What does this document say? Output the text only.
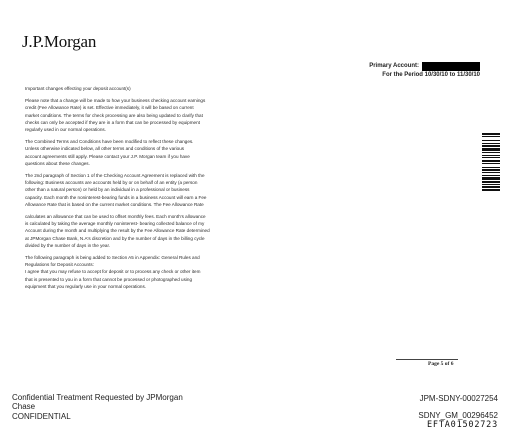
J.P.Morgan
Primary Account:
For the Period 10/30/10 to 11/30/10

Important changes effecting your deposit account(s)

Please note that a change will be made to how your business checking account earnings
credit (Fee Allowance Rate) is set. Effective immediately, it will be based on current
market conditions. The terms for check processing are also being updated to clarify that
checks can only be accepted if they are in a form that can be processed by equipment
regularly used in our normal operations.

The Combined Terms and Conditions have been modified to reflect these changes.
Unless otherwise indicated below, all other terms and conditions of the various
account agreements still apply. Please contact your J.P. Morgan team if you have
questions about these changes.

The 2nd paragraph of Section 1 of the Checking Account Agreement is replaced with the
following: Business accounts are accounts held by or on behalf of an entity (a person
other than a natural person) or held by an individual in a professional or business
capacity. Each month the noninterest-bearing funds in a business Account will earn a Fee
Allowance Rate that is based on the current market conditions. The Fee Allowance Rate

calculates an allowance that can be used to offset monthly fees. Each month's allowance
is calculated by taking the average monthly noninterest- bearing collected balance of my
Account during the month and multiplying the result by the Fee Allowance Rate determined
at JPMorgan Chase Bank, N.A's discretion and by the number of days in the billing cycle
divided by the number of days in the year.

The following paragraph is being added to Section A5 in Appendix: General Rules and
Regulations for Deposit Accounts:

I agree that you may refuse to accept for deposit or to process any check or other item
that is presented to you in a form that cannot be processed or photographed using
equipment that you regularly use in your normal operations.

Page 5 of 6
Confidential Treatment Requested by JPMorgan
Chase
CONFIDENTIAL
JPM-SDNY-00027254
SDNY_GM_00296452
EFTA01502723
